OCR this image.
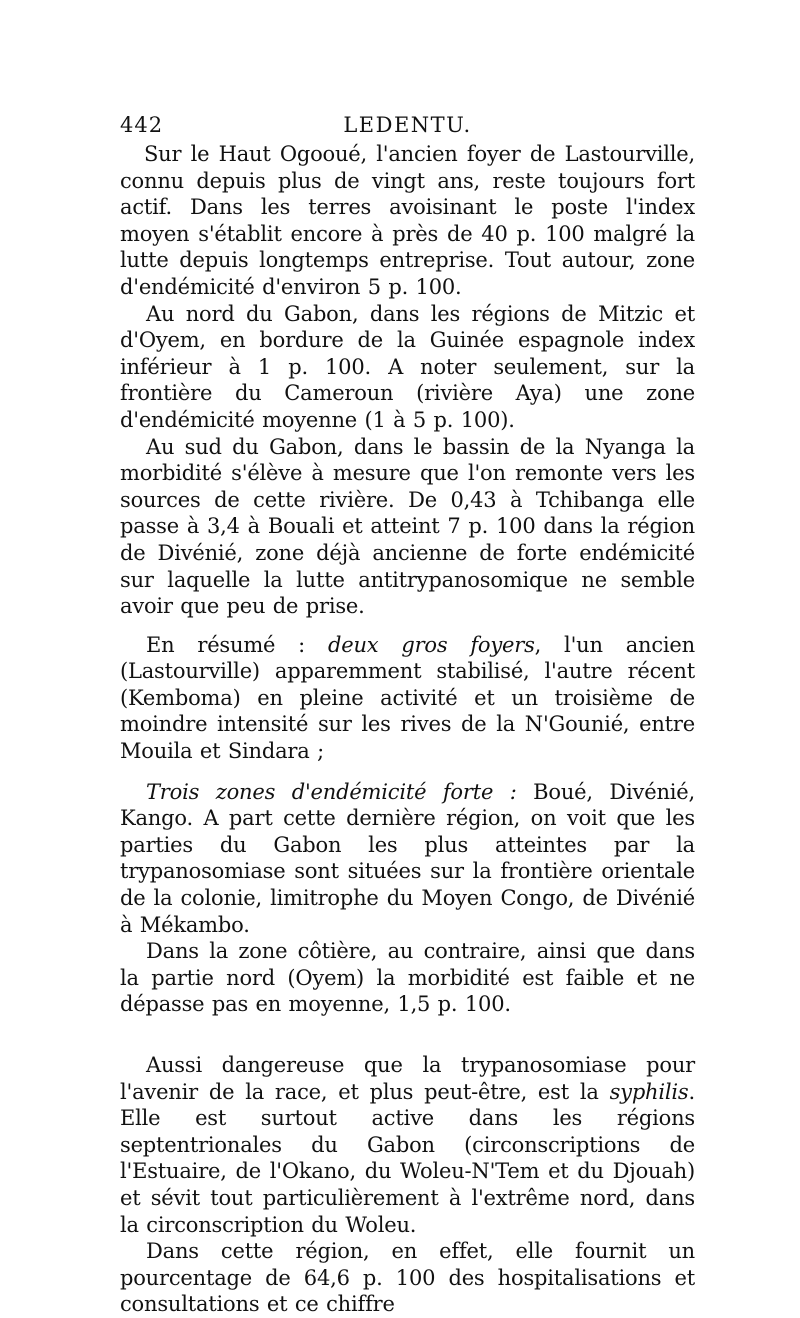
442	LEDENTU.

Sur le Haut Ogooué, l'ancien foyer de Lastourville, connu depuis plus de vingt ans, reste toujours fort actif. Dans les terres avoisinant le poste l'index moyen s'établit encore à près de 40 p. 100 malgré la lutte depuis longtemps entreprise. Tout autour, zone d'endémicité d'environ 5 p. 100.

Au nord du Gabon, dans les régions de Mitzic et d'Oyem, en bordure de la Guinée espagnole index inférieur à 1 p. 100. A noter seulement, sur la frontière du Cameroun (rivière Aya) une zone d'endémicité moyenne (1 à 5 p. 100).

Au sud du Gabon, dans le bassin de la Nyanga la morbidité s'élève à mesure que l'on remonte vers les sources de cette rivière. De 0,43 à Tchibanga elle passe à 3,4 à Bouali et atteint 7 p. 100 dans la région de Divénié, zone déjà ancienne de forte endémicité sur laquelle la lutte antitrypanosomique ne semble avoir que peu de prise.

En résumé : deux gros foyers, l'un ancien (Lastourville) apparemment stabilisé, l'autre récent (Kemboma) en pleine activité et un troisième de moindre intensité sur les rives de la N'Gounié, entre Mouila et Sindara ;

Trois zones d'endémicité forte : Boué, Divénié, Kango. A part cette dernière région, on voit que les parties du Gabon les plus atteintes par la trypanosomiase sont situées sur la frontière orientale de la colonie, limitrophe du Moyen Congo, de Divénié à Mékambo.

Dans la zone côtière, au contraire, ainsi que dans la partie nord (Oyem) la morbidité est faible et ne dépasse pas en moyenne, 1,5 p. 100.

Aussi dangereuse que la trypanosomiase pour l'avenir de la race, et plus peut-être, est la syphilis. Elle est surtout active dans les régions septentrionales du Gabon (circonscriptions de l'Estuaire, de l'Okano, du Woleu-N'Tem et du Djouah) et sévit tout particulièrement à l'extrême nord, dans la circonscription du Woleu.

Dans cette région, en effet, elle fournit un pourcentage de 64,6 p. 100 des hospitalisations et consultations et ce chiffre
